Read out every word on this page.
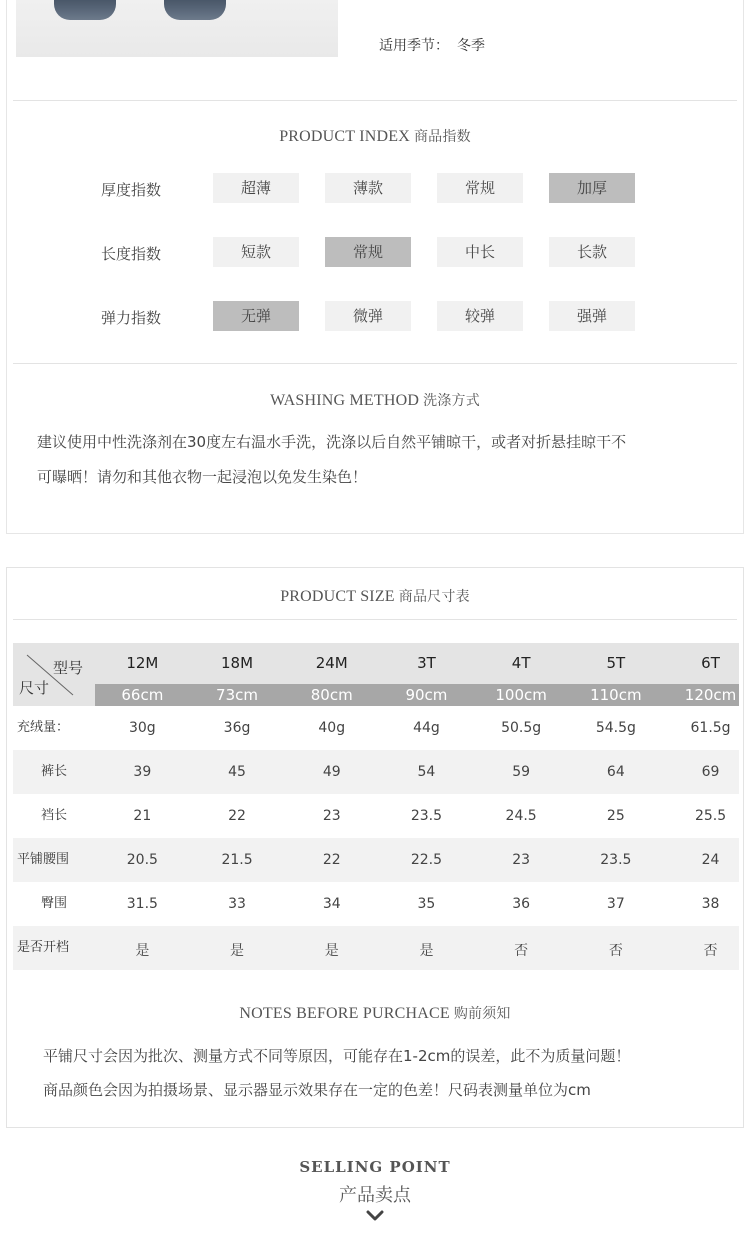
适用季节： 冬季
PRODUCT INDEX 商品指数
厚度指数	超薄	薄款	常规	加厚
长度指数	短款	常规	中长	长款
弹力指数	无弹	微弹	较弹	强弹
WASHING METHOD 洗涤方式
建议使用中性洗涤剂在30度左右温水手洗，洗涤以后自然平铺晾干，或者对折悬挂晾干不
可曝晒！请勿和其他衣物一起浸泡以免发生染色！
PRODUCT SIZE 商品尺寸表
型号
尺寸
12M	18M	24M	3T	4T	5T	6T
66cm	73cm	80cm	90cm	100cm	110cm	120cm
充绒量：	30g	36g	40g	44g	50.5g	54.5g	61.5g
裤长	39	45	49	54	59	64	69
裆长	21	22	23	23.5	24.5	25	25.5
平铺腰围	20.5	21.5	22	22.5	23	23.5	24
臀围	31.5	33	34	35	36	37	38
是否开档	是	是	是	是	否	否	否
NOTES BEFORE PURCHACE 购前须知
平铺尺寸会因为批次、测量方式不同等原因，可能存在1-2cm的误差，此不为质量问题！
商品颜色会因为拍摄场景、显示器显示效果存在一定的色差！尺码表测量单位为cm
SELLING POINT
产品卖点
